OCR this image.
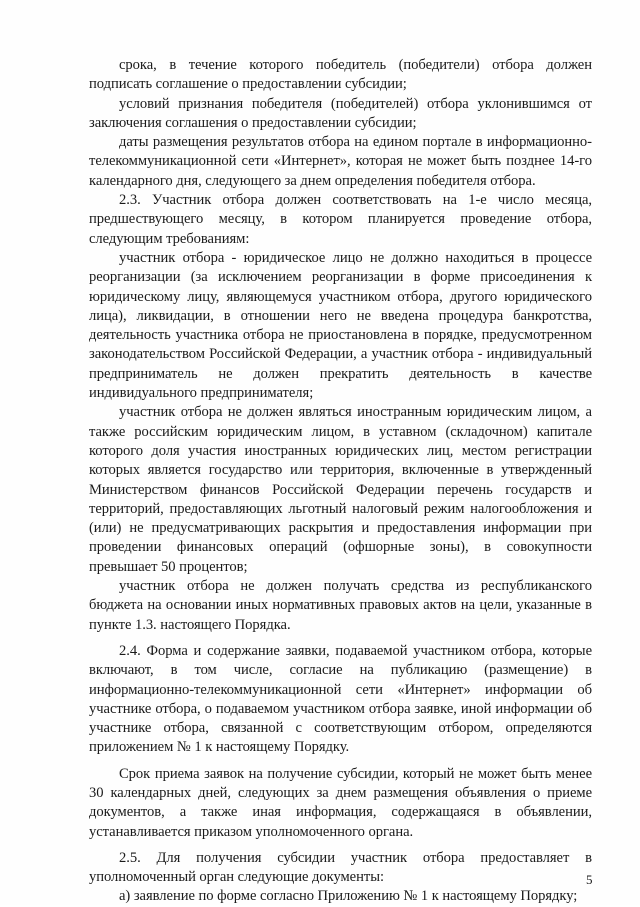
срока, в течение которого победитель (победители) отбора должен подписать соглашение о предоставлении субсидии;

условий признания победителя (победителей) отбора уклонившимся от заключения соглашения о предоставлении субсидии;

даты размещения результатов отбора на едином портале в информационно-телекоммуникационной сети «Интернет», которая не может быть позднее 14-го календарного дня, следующего за днем определения победителя отбора.

2.3. Участник отбора должен соответствовать на 1-е число месяца, предшествующего месяцу, в котором планируется проведение отбора, следующим требованиям:

участник отбора - юридическое лицо не должно находиться в процессе реорганизации (за исключением реорганизации в форме присоединения к юридическому лицу, являющемуся участником отбора, другого юридического лица), ликвидации, в отношении него не введена процедура банкротства, деятельность участника отбора не приостановлена в порядке, предусмотренном законодательством Российской Федерации, а участник отбора - индивидуальный предприниматель не должен прекратить деятельность в качестве индивидуального предпринимателя;

участник отбора не должен являться иностранным юридическим лицом, а также российским юридическим лицом, в уставном (складочном) капитале которого доля участия иностранных юридических лиц, местом регистрации которых является государство или территория, включенные в утвержденный Министерством финансов Российской Федерации перечень государств и территорий, предоставляющих льготный налоговый режим налогообложения и (или) не предусматривающих раскрытия и предоставления информации при проведении финансовых операций (офшорные зоны), в совокупности превышает 50 процентов;

участник отбора не должен получать средства из республиканского бюджета на основании иных нормативных правовых актов на цели, указанные в пункте 1.3. настоящего Порядка.

2.4. Форма и содержание заявки, подаваемой участником отбора, которые включают, в том числе, согласие на публикацию (размещение) в информационно-телекоммуникационной сети «Интернет» информации об участнике отбора, о подаваемом участником отбора заявке, иной информации об участнике отбора, связанной с соответствующим отбором, определяются приложением № 1 к настоящему Порядку.

Срок приема заявок на получение субсидии, который не может быть менее 30 календарных дней, следующих за днем размещения объявления о приеме документов, а также иная информация, содержащаяся в объявлении, устанавливается приказом уполномоченного органа.

2.5. Для получения субсидии участник отбора предоставляет в уполномоченный орган следующие документы:

а) заявление по форме согласно Приложению № 1 к настоящему Порядку;

5
